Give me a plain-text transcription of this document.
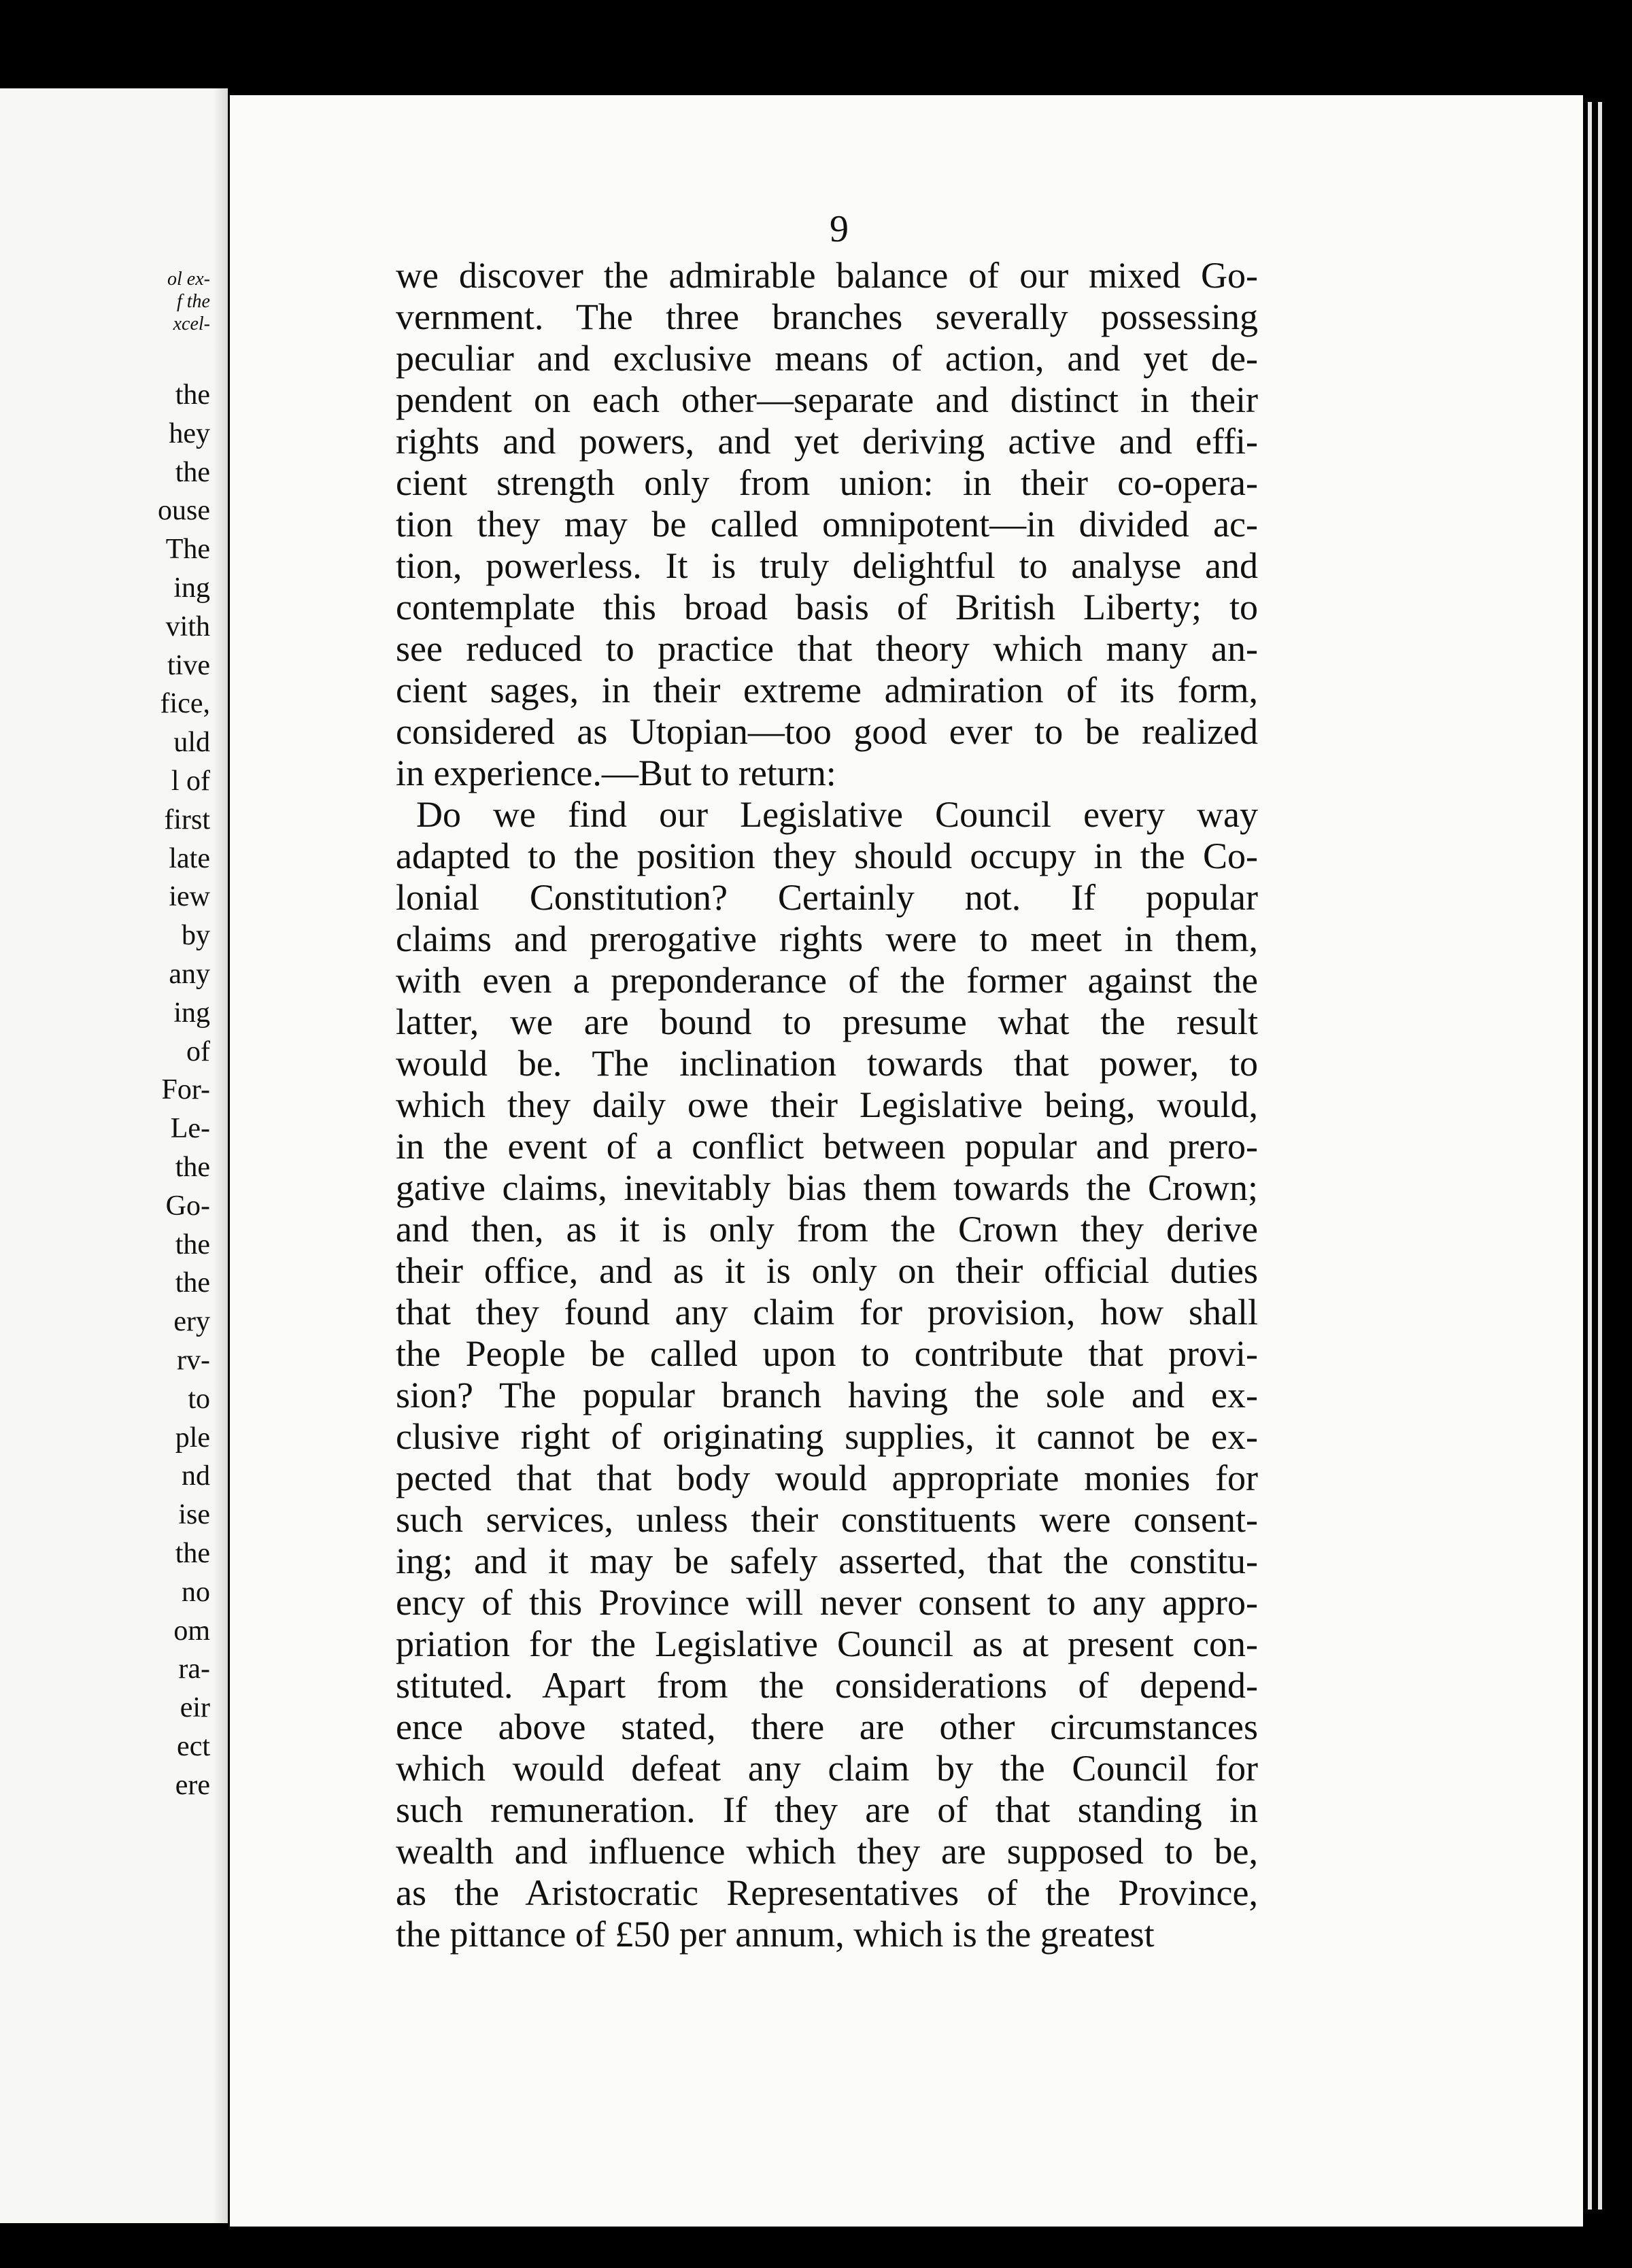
ol ex-
f the
xcel-
the
hey
the
ouse
The
ing
vith
tive
fice,
uld
l of
first
late
iew
by
any
ing
of
For-
Le-
the
Go-
the
the
ery
rv-
to
ple
nd
ise
the
no
om
ra-
eir
ect
ere
9
we discover the admirable balance of our mixed Go-
vernment. The three branches severally possessing
peculiar and exclusive means of action, and yet de-
pendent on each other—separate and distinct in their
rights and powers, and yet deriving active and effi-
cient strength only from union: in their co-opera-
tion they may be called omnipotent—in divided ac-
tion, powerless. It is truly delightful to analyse and
contemplate this broad basis of British Liberty; to
see reduced to practice that theory which many an-
cient sages, in their extreme admiration of its form,
considered as Utopian—too good ever to be realized
in experience.—But to return:
Do we find our Legislative Council every way
adapted to the position they should occupy in the Co-
lonial Constitution? Certainly not. If popular
claims and prerogative rights were to meet in them,
with even a preponderance of the former against the
latter, we are bound to presume what the result
would be. The inclination towards that power, to
which they daily owe their Legislative being, would,
in the event of a conflict between popular and prero-
gative claims, inevitably bias them towards the Crown;
and then, as it is only from the Crown they derive
their office, and as it is only on their official duties
that they found any claim for provision, how shall
the People be called upon to contribute that provi-
sion? The popular branch having the sole and ex-
clusive right of originating supplies, it cannot be ex-
pected that that body would appropriate monies for
such services, unless their constituents were consent-
ing; and it may be safely asserted, that the constitu-
ency of this Province will never consent to any appro-
priation for the Legislative Council as at present con-
stituted. Apart from the considerations of depend-
ence above stated, there are other circumstances
which would defeat any claim by the Council for
such remuneration. If they are of that standing in
wealth and influence which they are supposed to be,
as the Aristocratic Representatives of the Province,
the pittance of £50 per annum, which is the greatest
